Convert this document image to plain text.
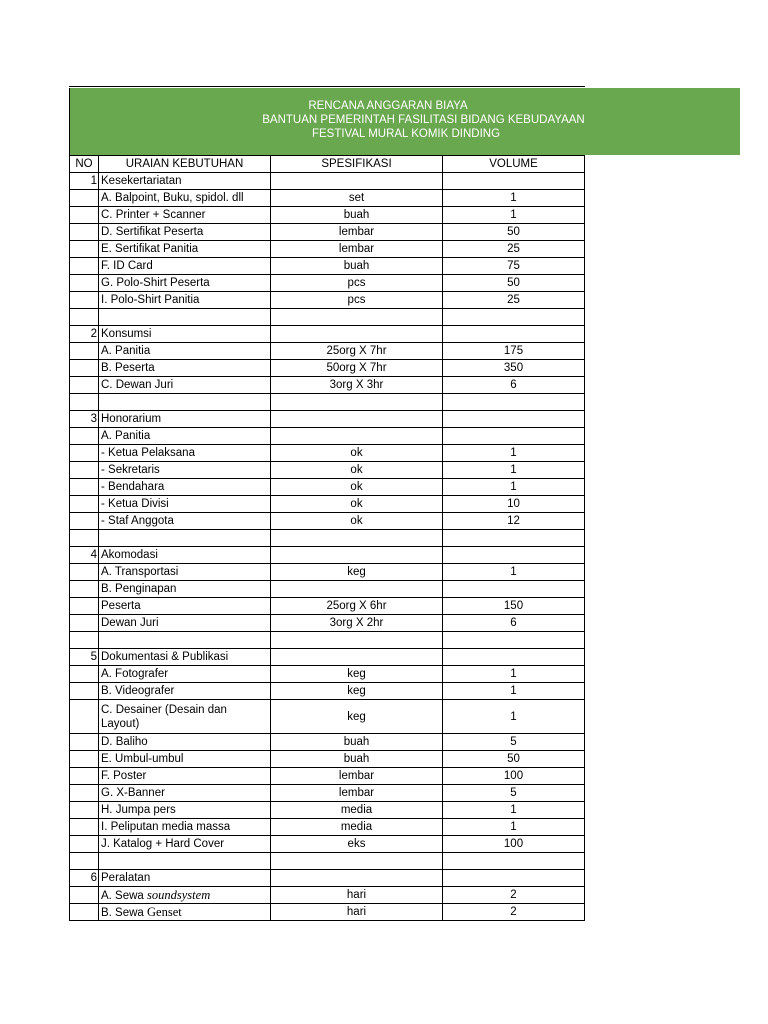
RENCANA ANGGARAN BIAYA
BANTUAN PEMERINTAH FASILITASI BIDANG KEBUDAYAAN
FESTIVAL MURAL KOMIK DINDING
NO	URAIAN KEBUTUHAN	SPESIFIKASI	VOLUME
1	Kesekertariatan		
	A. Balpoint, Buku, spidol. dll	set	1
	C. Printer + Scanner	buah	1
	D. Sertifikat Peserta	lembar	50
	E. Sertifikat Panitia	lembar	25
	F. ID Card	buah	75
	G. Polo-Shirt Peserta	pcs	50
	I. Polo-Shirt Panitia	pcs	25

2	Konsumsi		
	A. Panitia	25org X 7hr	175
	B. Peserta	50org X 7hr	350
	C. Dewan Juri	3org X 3hr	6

3	Honorarium		
	A. Panitia		
	- Ketua Pelaksana	ok	1
	- Sekretaris	ok	1
	- Bendahara	ok	1
	- Ketua Divisi	ok	10
	- Staf Anggota	ok	12

4	Akomodasi		
	A. Transportasi	keg	1
	B. Penginapan		
	Peserta	25org X 6hr	150
	Dewan Juri	3org X 2hr	6

5	Dokumentasi & Publikasi		
	A. Fotografer	keg	1
	B. Videografer	keg	1
	C. Desainer (Desain dan Layout)	keg	1
	D. Baliho	buah	5
	E. Umbul-umbul	buah	50
	F. Poster	lembar	100
	G. X-Banner	lembar	5
	H. Jumpa pers	media	1
	I. Peliputan media massa	media	1
	J. Katalog + Hard Cover	eks	100

6	Peralatan		
	A. Sewa soundsystem	hari	2
	B. Sewa Genset	hari	2
